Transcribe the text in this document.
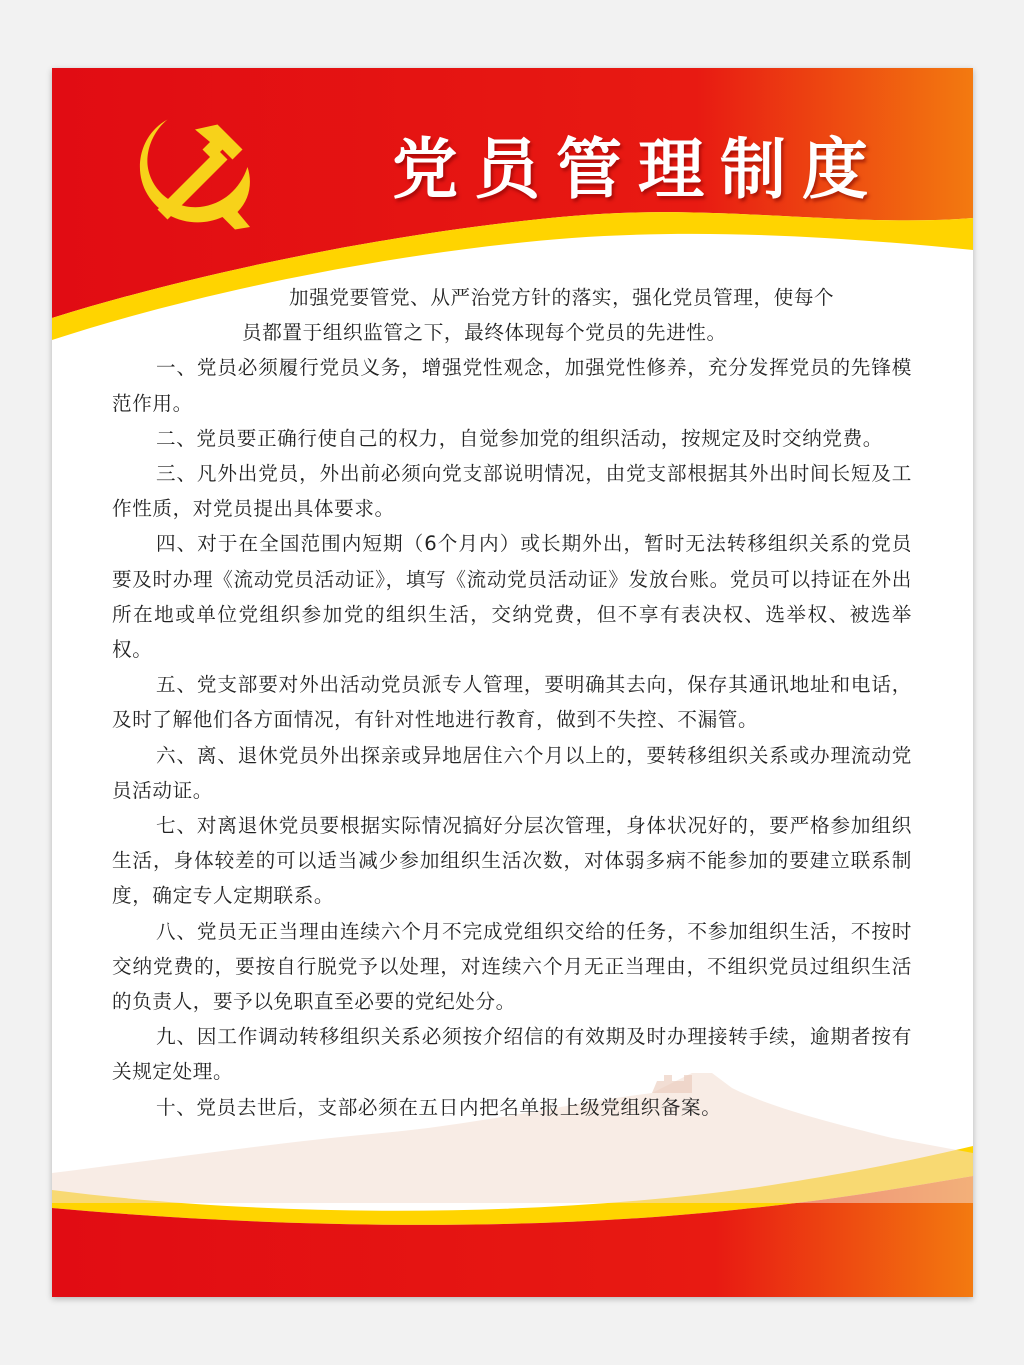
党员管理制度

加强党要管党、从严治党方针的落实，强化党员管理，使每个

员都置于组织监管之下，最终体现每个党员的先进性。

一、党员必须履行党员义务，增强党性观念，加强党性修养，充分发挥党员的先锋模范作用。

二、党员要正确行使自己的权力，自觉参加党的组织活动，按规定及时交纳党费。

三、凡外出党员，外出前必须向党支部说明情况，由党支部根据其外出时间长短及工作性质，对党员提出具体要求。

四、对于在全国范围内短期（6个月内）或长期外出，暂时无法转移组织关系的党员要及时办理《流动党员活动证》，填写《流动党员活动证》发放台账。党员可以持证在外出所在地或单位党组织参加党的组织生活，交纳党费，但不享有表决权、选举权、被选举权。

五、党支部要对外出活动党员派专人管理，要明确其去向，保存其通讯地址和电话，及时了解他们各方面情况，有针对性地进行教育，做到不失控、不漏管。

六、离、退休党员外出探亲或异地居住六个月以上的，要转移组织关系或办理流动党员活动证。

七、对离退休党员要根据实际情况搞好分层次管理，身体状况好的，要严格参加组织生活，身体较差的可以适当减少参加组织生活次数，对体弱多病不能参加的要建立联系制度，确定专人定期联系。

八、党员无正当理由连续六个月不完成党组织交给的任务，不参加组织生活，不按时交纳党费的，要按自行脱党予以处理，对连续六个月无正当理由，不组织党员过组织生活的负责人，要予以免职直至必要的党纪处分。

九、因工作调动转移组织关系必须按介绍信的有效期及时办理接转手续，逾期者按有关规定处理。

十、党员去世后，支部必须在五日内把名单报上级党组织备案。
